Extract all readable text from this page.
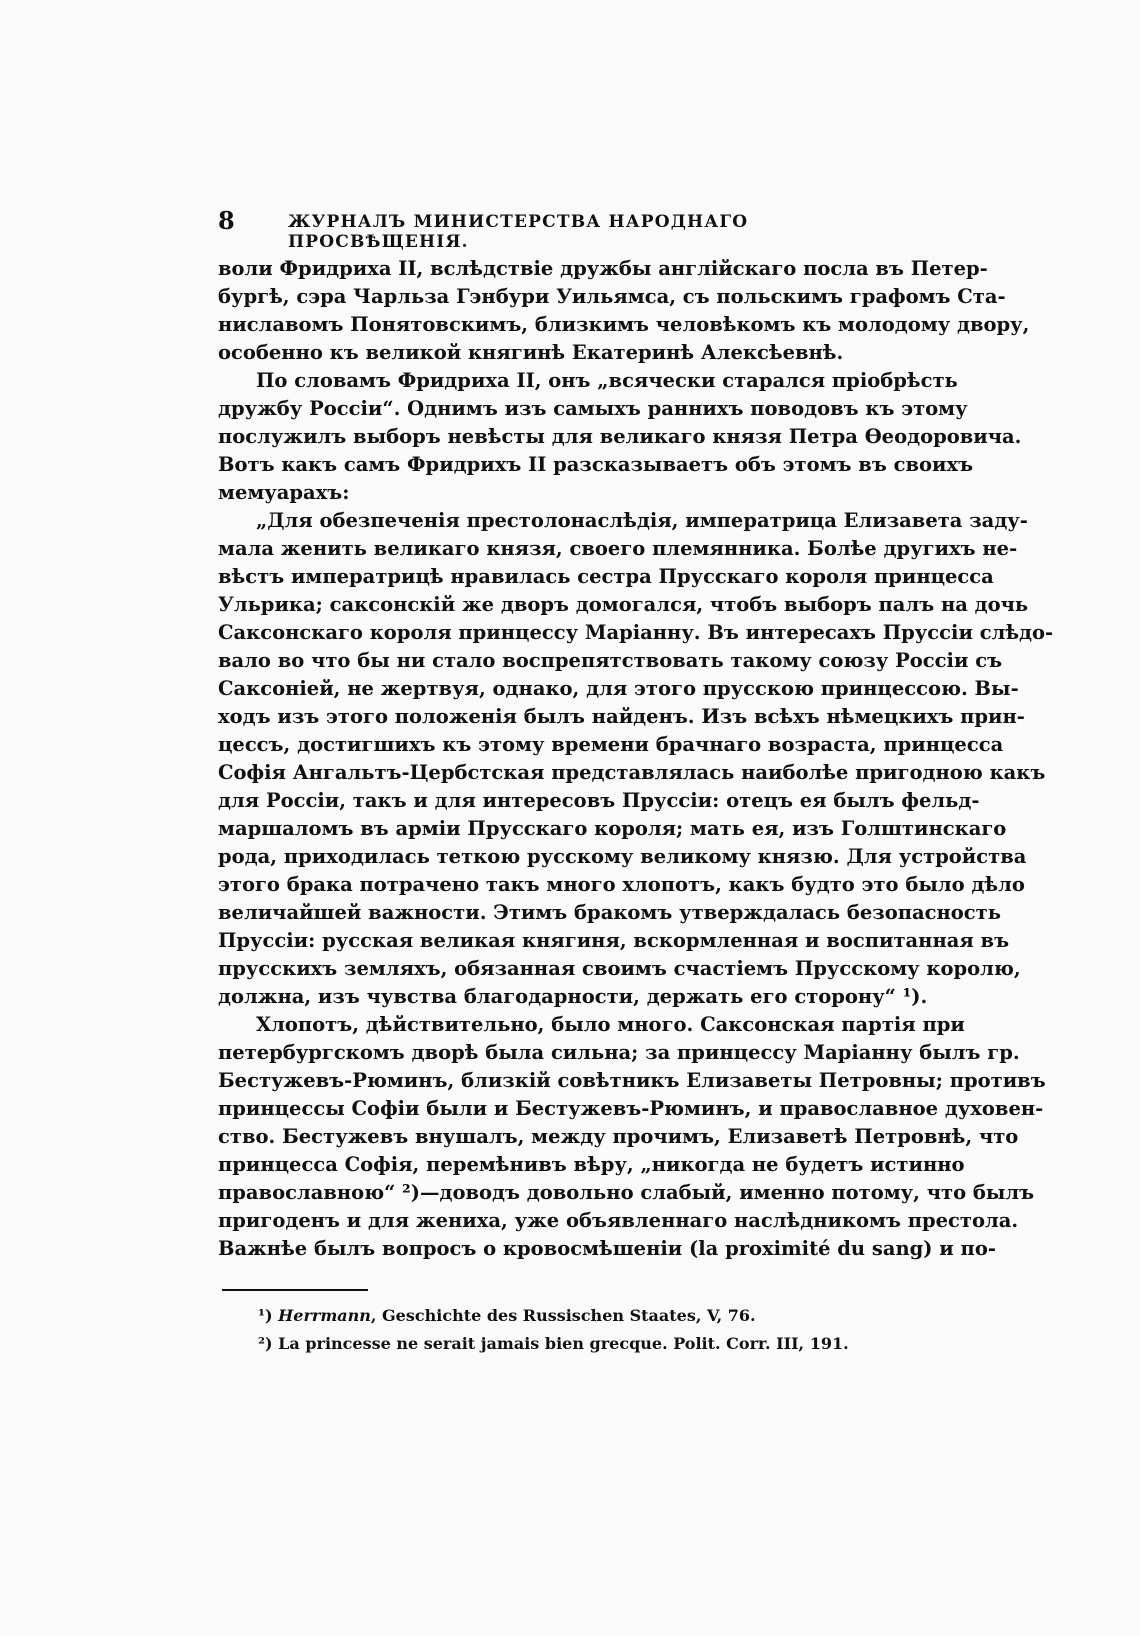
8	ЖУРНАЛЪ МИНИСТЕРСТВА НАРОДНАГО ПРОСВѢЩЕНІЯ.
воли Фридриха II, вслѣдствіе дружбы англійскаго посла въ Петер-
бургѣ, сэра Чарльза Гэнбури Уильямса, съ польскимъ графомъ Ста-
ниславомъ Понятовскимъ, близкимъ человѣкомъ къ молодому двору,
особенно къ великой княгинѣ Екатеринѣ Алексѣевнѣ.
По словамъ Фридриха II, онъ „всячески старался пріобрѣсть
дружбу Россіи“. Однимъ изъ самыхъ раннихъ поводовъ къ этому
послужилъ выборъ невѣсты для великаго князя Петра Ѳеодоровича.
Вотъ какъ самъ Фридрихъ II разсказываетъ объ этомъ въ своихъ
мемуарахъ:
„Для обезпеченія престолонаслѣдія, императрица Елизавета заду-
мала женить великаго князя, своего племянника. Болѣе другихъ не-
вѣстъ императрицѣ нравилась сестра Прусскаго короля принцесса
Ульрика; саксонскій же дворъ домогался, чтобъ выборъ палъ на дочь
Саксонскаго короля принцессу Маріанну. Въ интересахъ Пруссіи слѣдо-
вало во что бы ни стало воспрепятствовать такому союзу Россіи съ
Саксоніей, не жертвуя, однако, для этого прусскою принцессою. Вы-
ходъ изъ этого положенія былъ найденъ. Изъ всѣхъ нѣмецкихъ прин-
цессъ, достигшихъ къ этому времени брачнаго возраста, принцесса
Софія Ангальтъ-Цербстская представлялась наиболѣе пригодною какъ
для Россіи, такъ и для интересовъ Пруссіи: отецъ ея былъ фельд-
маршаломъ въ арміи Прусскаго короля; мать ея, изъ Голштинскаго
рода, приходилась теткою русскому великому князю. Для устройства
этого брака потрачено такъ много хлопотъ, какъ будто это было дѣло
величайшей важности. Этимъ бракомъ утверждалась безопасность
Пруссіи: русская великая княгиня, вскормленная и воспитанная въ
прусскихъ земляхъ, обязанная своимъ счастіемъ Прусскому королю,
должна, изъ чувства благодарности, держать его сторону“ ¹).
Хлопотъ, дѣйствительно, было много. Саксонская партія при
петербургскомъ дворѣ была сильна; за принцессу Маріанну былъ гр.
Бестужевъ-Рюминъ, близкій совѣтникъ Елизаветы Петровны; противъ
принцессы Софіи были и Бестужевъ-Рюминъ, и православное духовен-
ство. Бестужевъ внушалъ, между прочимъ, Елизаветѣ Петровнѣ, что
принцесса Софія, перемѣнивъ вѣру, „никогда не будетъ истинно
православною“ ²)—доводъ довольно слабый, именно потому, что былъ
пригоденъ и для жениха, уже объявленнаго наслѣдникомъ престола.
Важнѣе былъ вопросъ о кровосмѣшеніи (la proximité du sang) и по-
¹) Herrmann, Geschichte des Russischen Staates, V, 76.
²) La princesse ne serait jamais bien grecque. Polit. Corr. III, 191.
